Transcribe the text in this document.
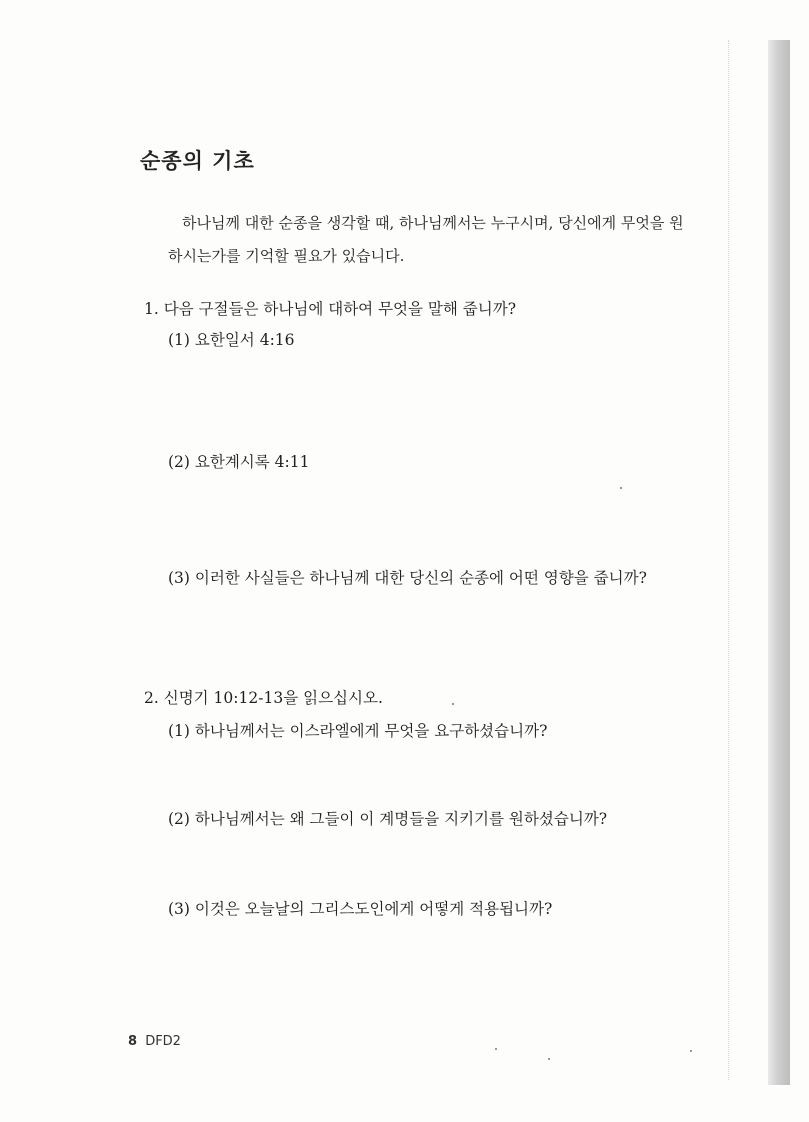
순종의 기초

하나님께 대한 순종을 생각할 때, 하나님께서는 누구시며, 당신에게 무엇을 원하시는가를 기억할 필요가 있습니다.

1. 다음 구절들은 하나님에 대하여 무엇을 말해 줍니까?

(1) 요한일서 4:16

(2) 요한계시록 4:11

(3) 이러한 사실들은 하나님께 대한 당신의 순종에 어떤 영향을 줍니까?

2. 신명기 10:12-13을 읽으십시오.

(1) 하나님께서는 이스라엘에게 무엇을 요구하셨습니까?

(2) 하나님께서는 왜 그들이 이 계명들을 지키기를 원하셨습니까?

(3) 이것은 오늘날의 그리스도인에게 어떻게 적용됩니까?

8 DFD2
